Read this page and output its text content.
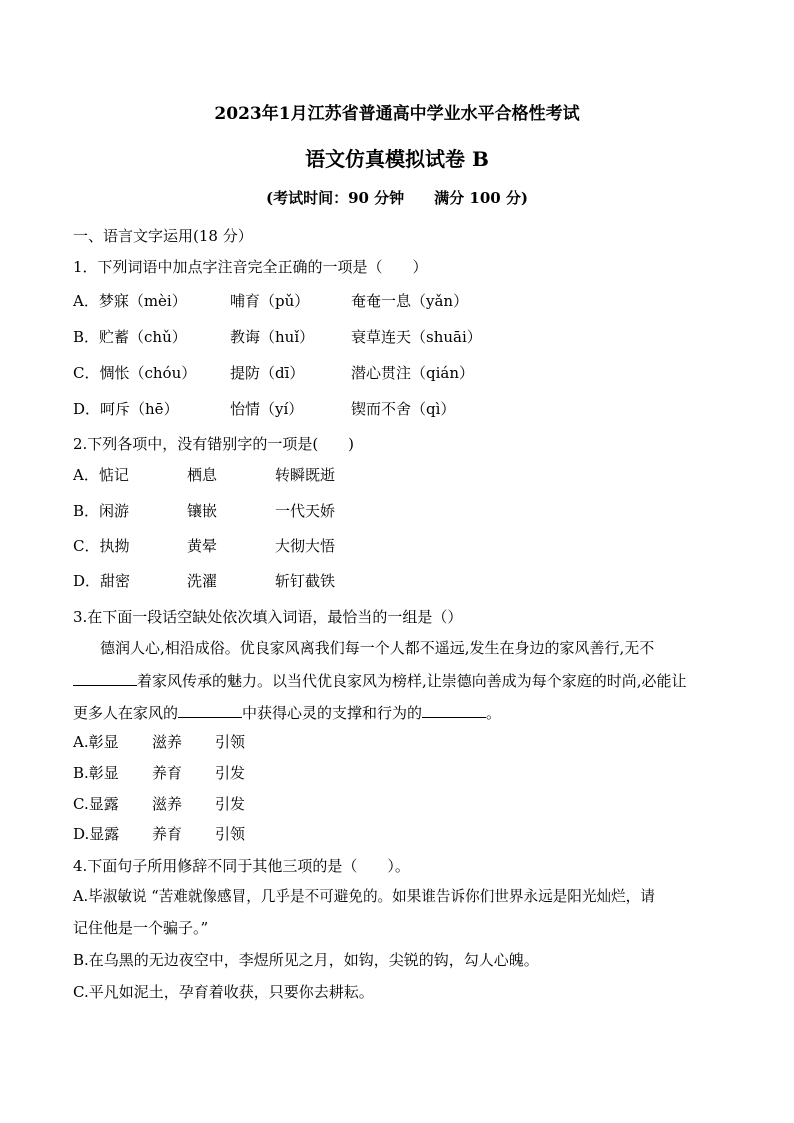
2023年1月江苏省普通高中学业水平合格性考试
语文仿真模拟试卷 B
(考试时间：90 分钟　　满分 100 分)
一、语言文字运用(18 分）
1．下列词语中加点字注音完全正确的一项是（　　）
A．梦寐（mèi）	哺育（pǔ）	奄奄一息（yǎn）
B．贮蓄（chǔ）	教诲（huǐ） 衰草连天（shuāi）
C．惆怅（chóu） 提防（dī）	潜心贯注（qián）
D．呵斥（hē）	怡情（yí）	锲而不舍（qì）
2.下列各项中，没有错别字的一项是(　　)
A．惦记	栖息	转瞬既逝
B．闲游	镶嵌	一代天娇
C．执拗	黄晕	大彻大悟
D．甜密	洗濯	斩钉截铁
3.在下面一段话空缺处依次填入词语，最恰当的一组是（）
德润人心,相沿成俗。优良家风离我们每一个人都不遥远,发生在身边的家风善行,无不
着家风传承的魅力。以当代优良家风为榜样,让崇德向善成为每个家庭的时尚,必能让
更多人在家风的	中获得心灵的支撑和行为的	。
A.彰显 滋养 引领
B.彰显 养育 引发
C.显露 滋养 引发
D.显露 养育 引领
4.下面句子所用修辞不同于其他三项的是（　　）。
A.毕淑敏说 “苦难就像感冒，几乎是不可避免的。如果谁告诉你们世界永远是阳光灿烂，请
记住他是一个骗子。”
B.在乌黑的无边夜空中，李煜所见之月，如钩，尖锐的钩，勾人心魄。
C.平凡如泥土，孕育着收获，只要你去耕耘。
